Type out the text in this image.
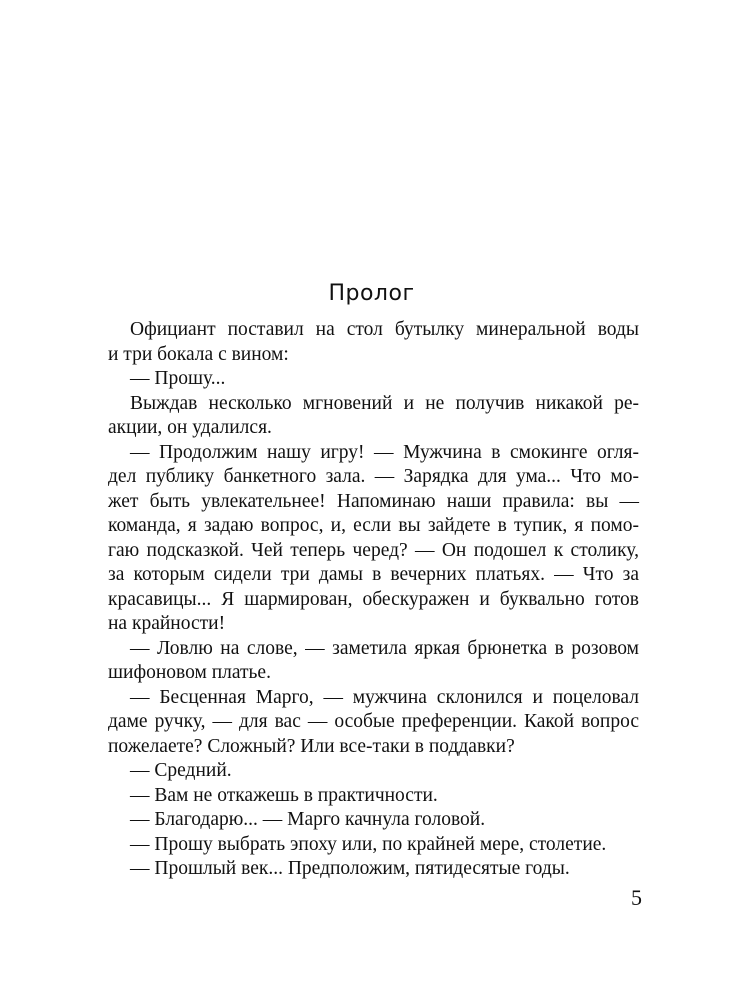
Пролог
Официант поставил на стол бутылку минеральной воды
и три бокала с вином:
— Прошу...
Выждав несколько мгновений и не получив никакой ре-
акции, он удалился.
— Продолжим нашу игру! — Мужчина в смокинге огля-
дел публику банкетного зала. — Зарядка для ума... Что мо-
жет быть увлекательнее! Напоминаю наши правила: вы —
команда, я задаю вопрос, и, если вы зайдете в тупик, я помо-
гаю подсказкой. Чей теперь черед? — Он подошел к столику,
за которым сидели три дамы в вечерних платьях. — Что за
красавицы... Я шармирован, обескуражен и буквально готов
на крайности!
— Ловлю на слове, — заметила яркая брюнетка в розовом
шифоновом платье.
— Бесценная Марго, — мужчина склонился и поцеловал
даме ручку, — для вас — особые преференции. Какой вопрос
пожелаете? Сложный? Или все-таки в поддавки?
— Средний.
— Вам не откажешь в практичности.
— Благодарю... — Марго качнула головой.
— Прошу выбрать эпоху или, по крайней мере, столетие.
— Прошлый век... Предположим, пятидесятые годы.
5
